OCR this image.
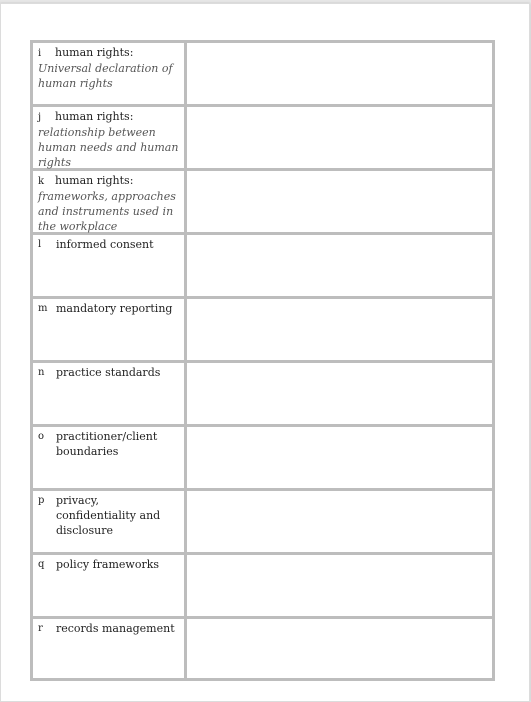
i human rights:
Universal declaration of human rights
j human rights:
relationship between human needs and human rights
k human rights:
frameworks, approaches and instruments used in the workplace
l	informed consent
m mandatory reporting
n	practice standards
o	practitioner/client boundaries
p	privacy, confidentiality and disclosure
q	policy frameworks
r	records management
